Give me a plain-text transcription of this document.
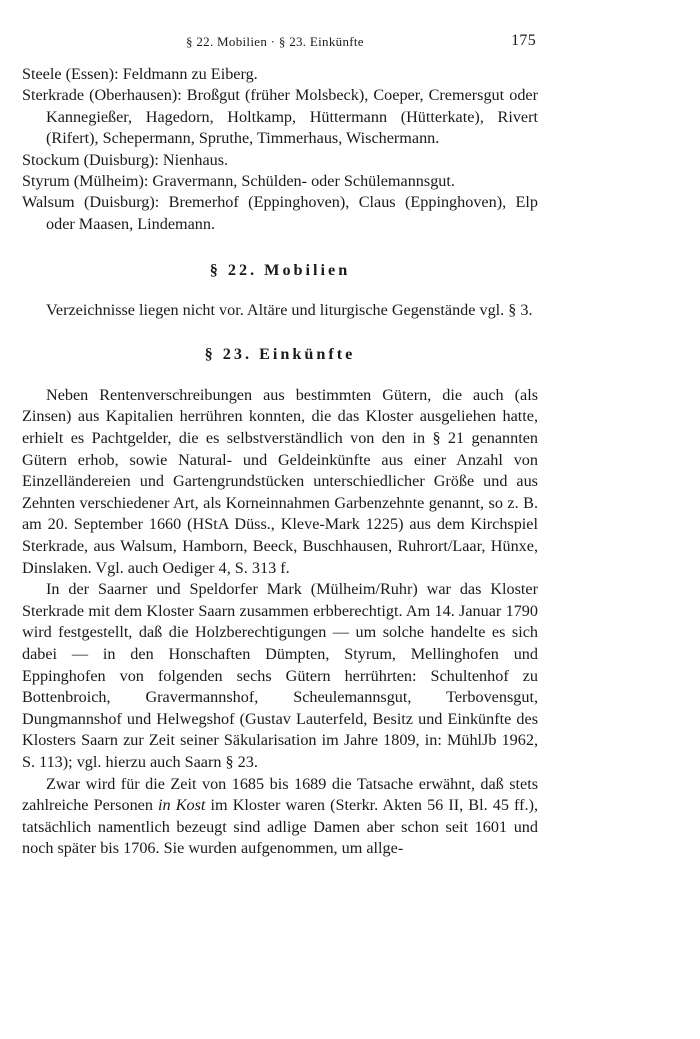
§ 22. Mobilien · § 23. Einkünfte	175
Steele (Essen): Feldmann zu Eiberg.
Sterkrade (Oberhausen): Broßgut (früher Molsbeck), Coeper, Cremersgut oder Kannegießer, Hagedorn, Holtkamp, Hüttermann (Hütterkate), Rivert (Rifert), Schepermann, Spruthe, Timmerhaus, Wischermann.
Stockum (Duisburg): Nienhaus.
Styrum (Mülheim): Gravermann, Schülden- oder Schülemannsgut.
Walsum (Duisburg): Bremerhof (Eppinghoven), Claus (Eppinghoven), Elp oder Maasen, Lindemann.
§ 22. Mobilien

Verzeichnisse liegen nicht vor. Altäre und liturgische Gegenstände vgl. § 3.

§ 23. Einkünfte

Neben Rentenverschreibungen aus bestimmten Gütern, die auch (als Zinsen) aus Kapitalien herrühren konnten, die das Kloster ausgeliehen hatte, erhielt es Pachtgelder, die es selbstverständlich von den in § 21 genannten Gütern erhob, sowie Natural- und Geldeinkünfte aus einer Anzahl von Einzelländereien und Gartengrundstücken unterschiedlicher Größe und aus Zehnten verschiedener Art, als Korneinnahmen Garbenzehnte genannt, so z. B. am 20. September 1660 (HStA Düss., Kleve-Mark 1225) aus dem Kirchspiel Sterkrade, aus Walsum, Hamborn, Beeck, Buschhausen, Ruhrort/Laar, Hünxe, Dinslaken. Vgl. auch Oediger 4, S. 313 f.

In der Saarner und Speldorfer Mark (Mülheim/Ruhr) war das Kloster Sterkrade mit dem Kloster Saarn zusammen erbberechtigt. Am 14. Januar 1790 wird festgestellt, daß die Holzberechtigungen — um solche handelte es sich dabei — in den Honschaften Dümpten, Styrum, Mellinghofen und Eppinghofen von folgenden sechs Gütern herrührten: Schultenhof zu Bottenbroich, Gravermannshof, Scheulemannsgut, Terbovensgut, Dungmannshof und Helwegshof (Gustav Lauterfeld, Besitz und Einkünfte des Klosters Saarn zur Zeit seiner Säkularisation im Jahre 1809, in: MühlJb 1962, S. 113); vgl. hierzu auch Saarn § 23.

Zwar wird für die Zeit von 1685 bis 1689 die Tatsache erwähnt, daß stets zahlreiche Personen in Kost im Kloster waren (Sterkr. Akten 56 II, Bl. 45 ff.), tatsächlich namentlich bezeugt sind adlige Damen aber schon seit 1601 und noch später bis 1706. Sie wurden aufgenommen, um allge-
